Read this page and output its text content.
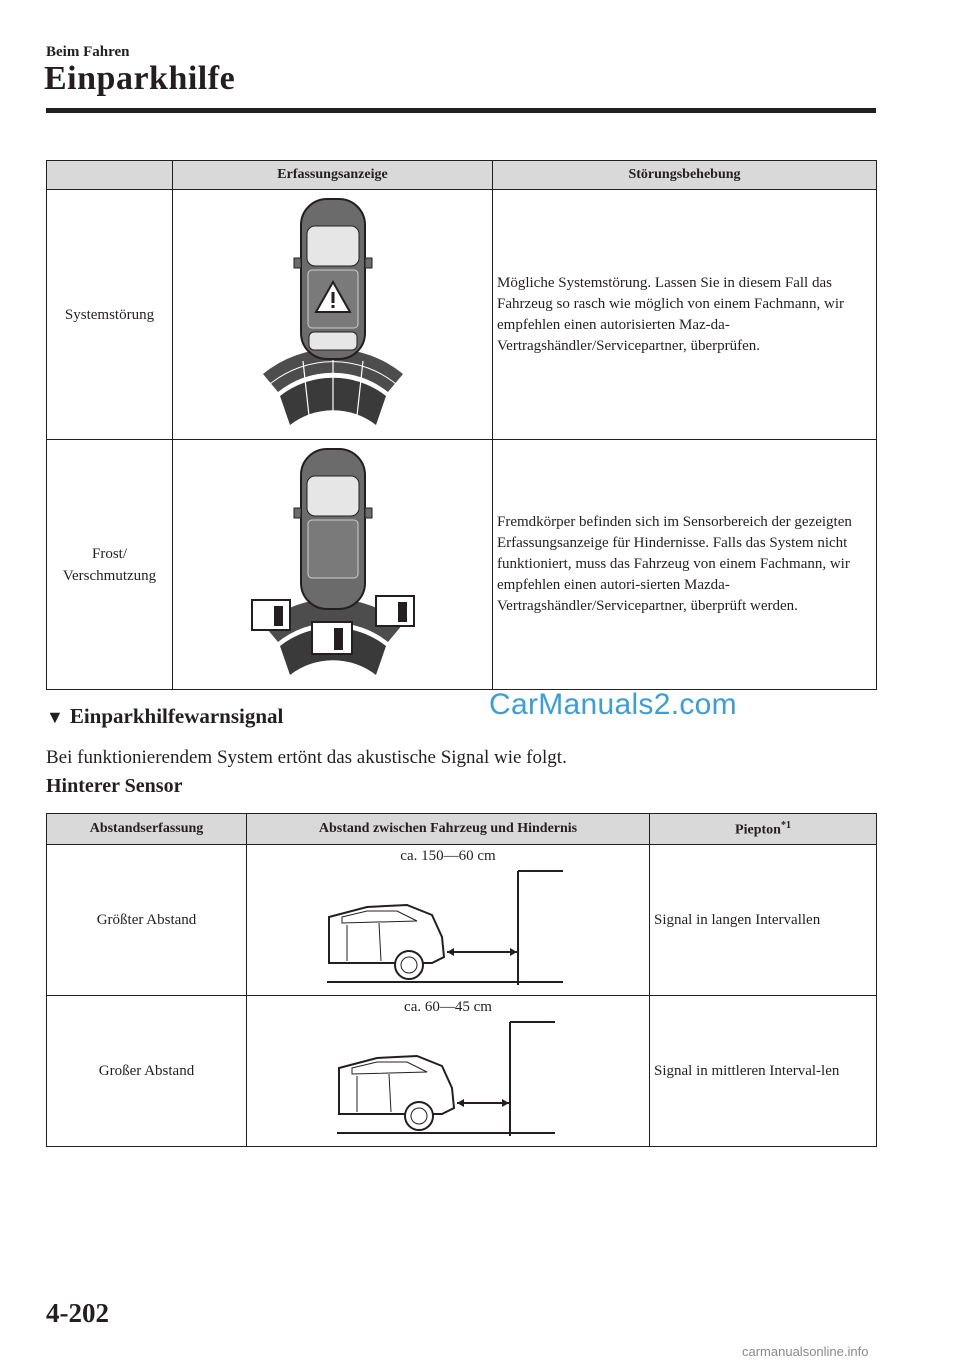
Beim Fahren
Einparkhilfe
	Erfassungsanzeige	Störungsbehebung
Systemstörung		Mögliche Systemstörung. Lassen Sie in diesem Fall das Fahrzeug so rasch wie möglich von einem Fachmann, wir empfehlen einen autorisierten Maz-da-Vertragshändler/Servicepartner, überprüfen.
Frost/
Verschmutzung		Fremdkörper befinden sich im Sensorbereich der gezeigten Erfassungsanzeige für Hindernisse. Falls das System nicht funktioniert, muss das Fahrzeug von einem Fachmann, wir empfehlen einen autori-sierten Mazda-Vertragshändler/Servicepartner, überprüft werden.
▼ Einparkhilfewarnsignal	CarManuals2.com
Bei funktionierendem System ertönt das akustische Signal wie folgt.
Hinterer Sensor
Abstandserfassung	Abstand zwischen Fahrzeug und Hindernis	Piepton$^{*1}$
Größter Abstand	ca. 150―60 cm	Signal in langen Intervallen
Großer Abstand	ca. 60―45 cm	Signal in mittleren Interval-len
4-202
carmanualsonline.info
